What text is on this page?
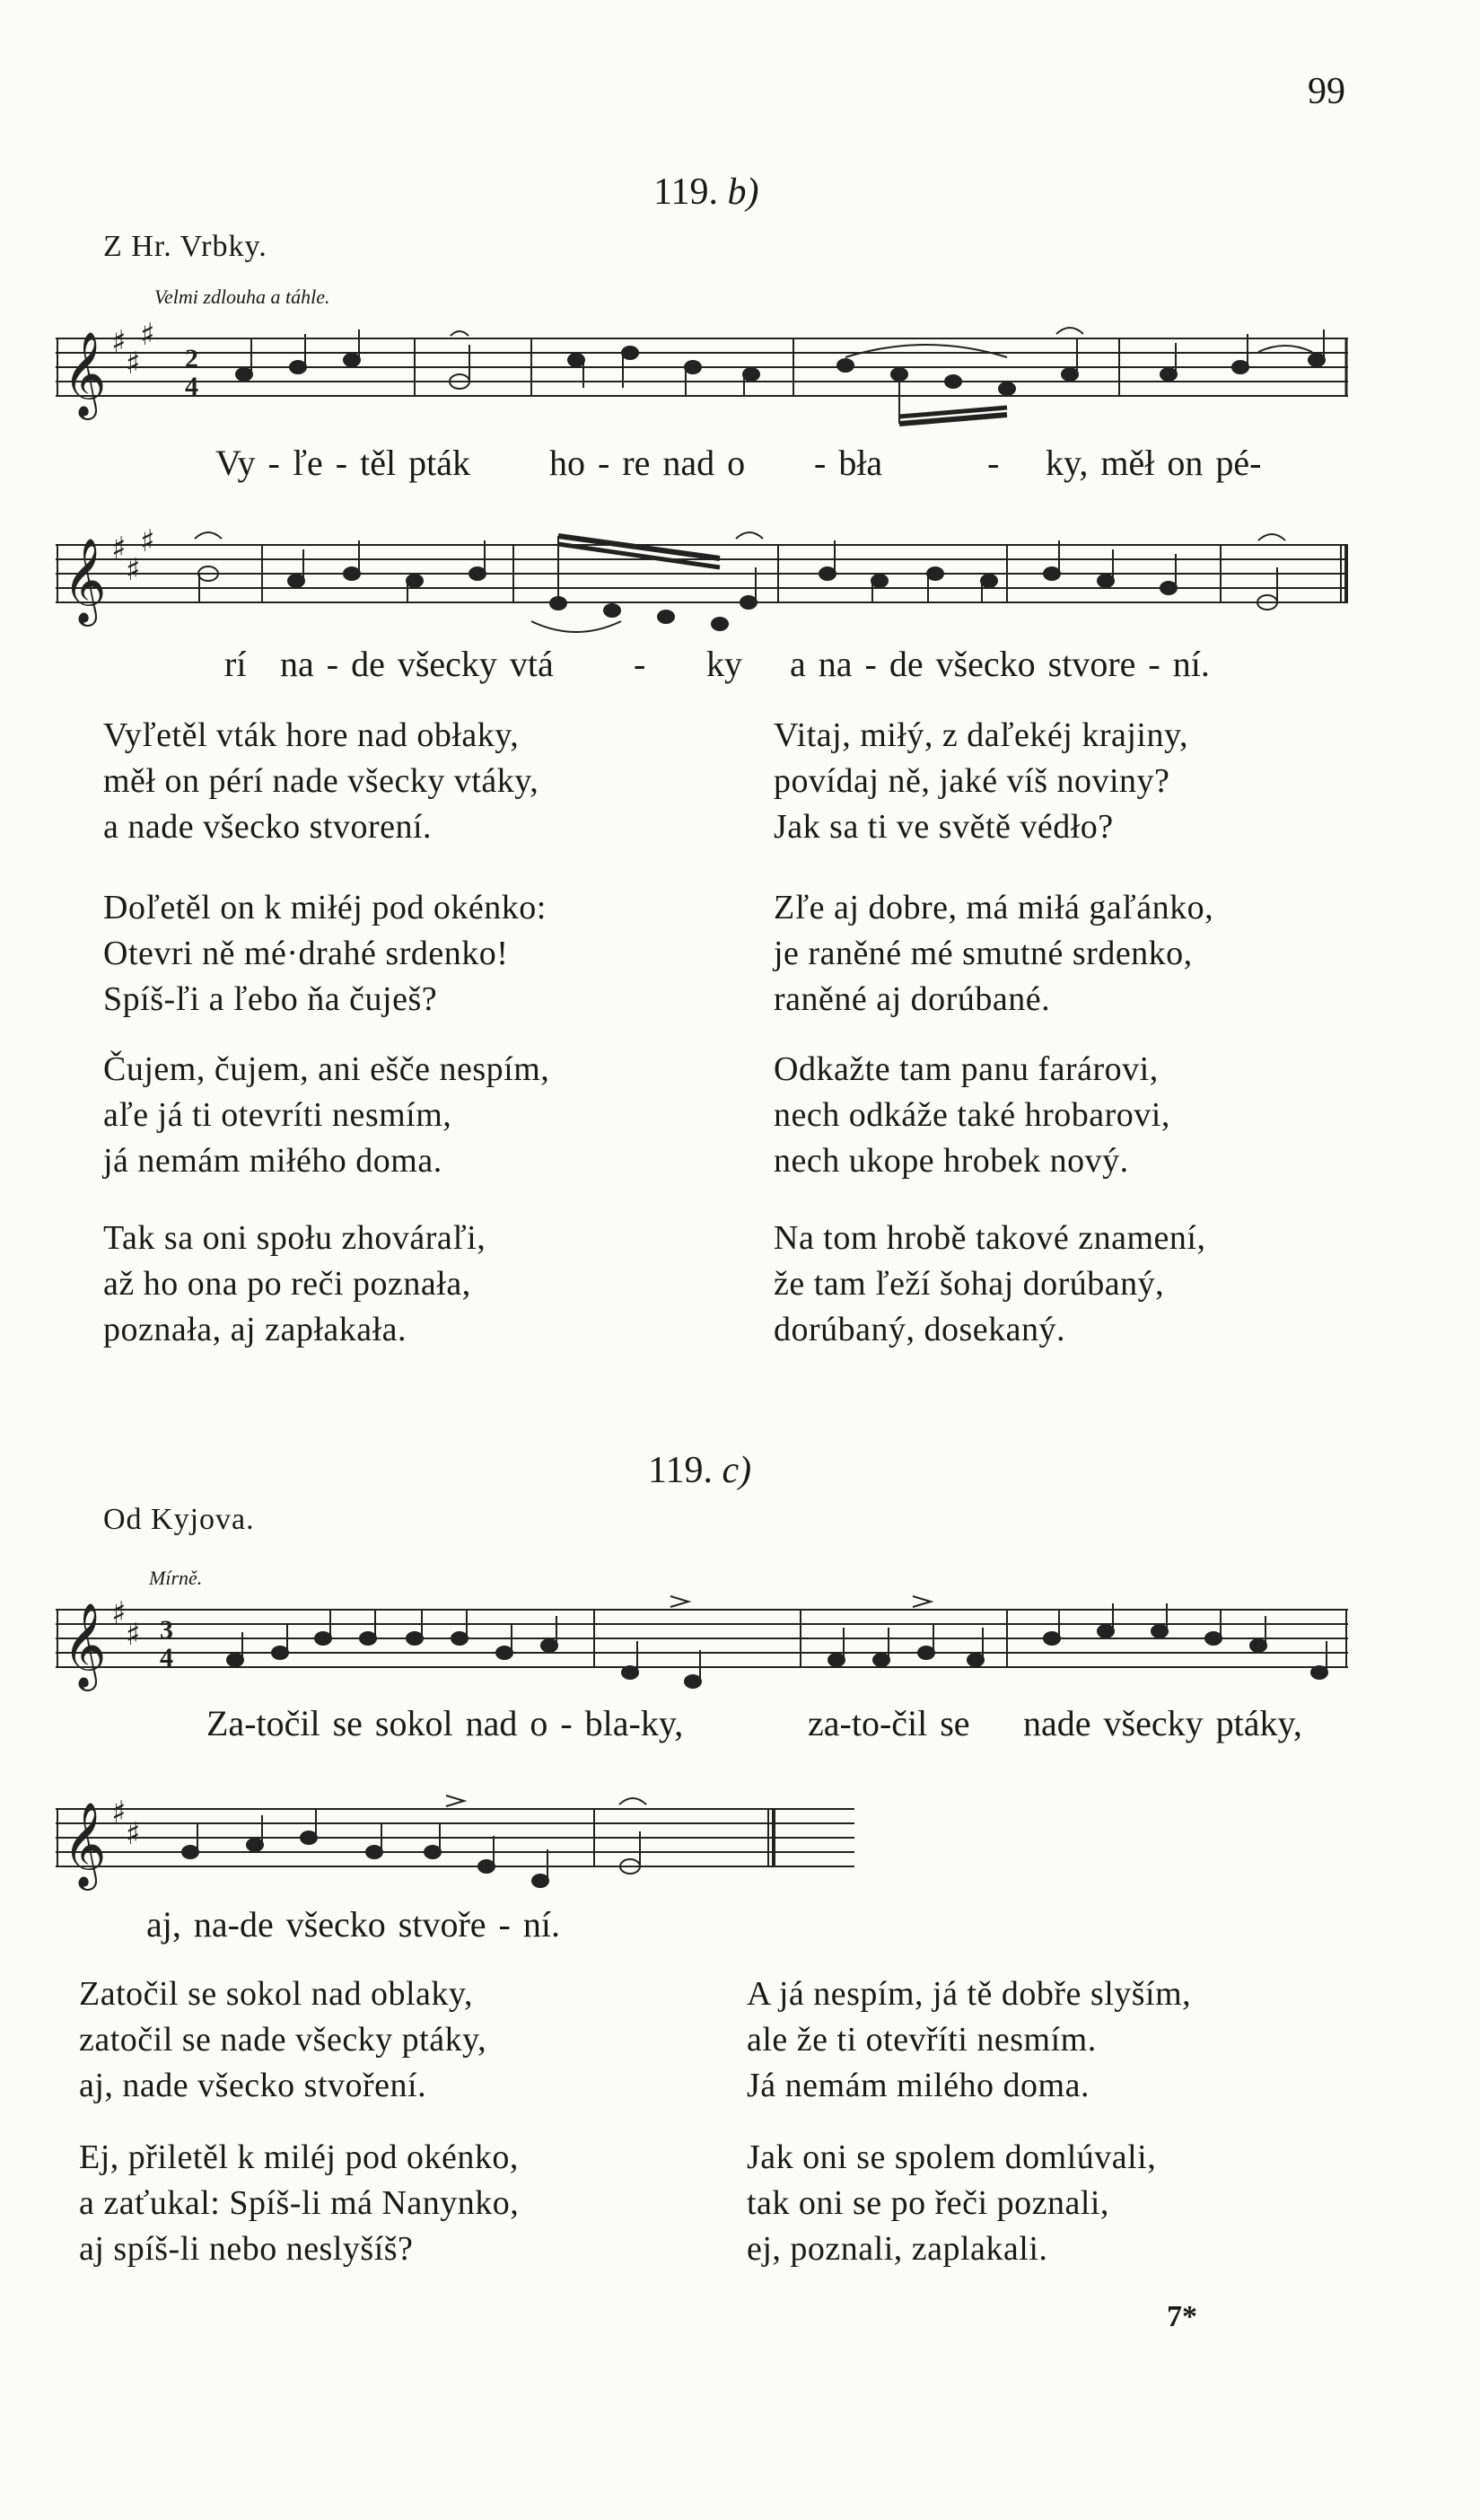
99
119. b)
Z Hr. Vrbky.
Velmi zdlouha a táhle.
𝄞 ♯
♯
♯
2
4
Vy - ľe - těl pták ho - re nad o - bła	- ky, měł on pé-
𝄞 ♯
♯
♯
rí na - de všecky vtá - ky a na - de všecko stvore - ní.
Vyľetěl vták hore nad obłaky,
měł on pérí nade všecky vtáky,
a nade všecko stvorení.
Vitaj, miłý, z daľekéj krajiny,
povídaj ně, jaké víš noviny?
Jak sa ti ve světě védło?
Doľetěl on k miłéj pod okénko:
Otevri ně mé·drahé srdenko!
Spíš-ľi a ľebo ňa čuješ?
Zľe aj dobre, má miłá gaľánko,
je raněné mé smutné srdenko,
raněné aj dorúbané.
Čujem, čujem, ani ešče nespím,
aľe já ti otevríti nesmím,
já nemám miłého doma.
Odkažte tam panu farárovi,
nech odkáže také hrobarovi,
nech ukope hrobek nový.
Tak sa oni społu zhováraľi,
až ho ona po reči poznała,
poznała, aj zapłakała.
Na tom hrobě takové znamení,
že tam ľeží šohaj dorúbaný,
dorúbaný, dosekaný.
119. c)
Od Kyjova.
Mírně.
𝄞 ♯
♯ 3
4
Za-točil se sokol nad o - bla-ky,	za-to-čil se nade všecky ptáky,
𝄞 ♯
♯
aj, na-de všecko stvoře - ní.
Zatočil se sokol nad oblaky,
zatočil se nade všecky ptáky,
aj, nade všecko stvoření.
A já nespím, já tě dobře slyším,
ale že ti otevříti nesmím.
Já nemám milého doma.
Ej, přiletěl k miléj pod okénko,
a zaťukal: Spíš-li má Nanynko,
aj spíš-li nebo neslyšíš?
Jak oni se spolem domlúvali,
tak oni se po řeči poznali,
ej, poznali, zaplakali.
7*
